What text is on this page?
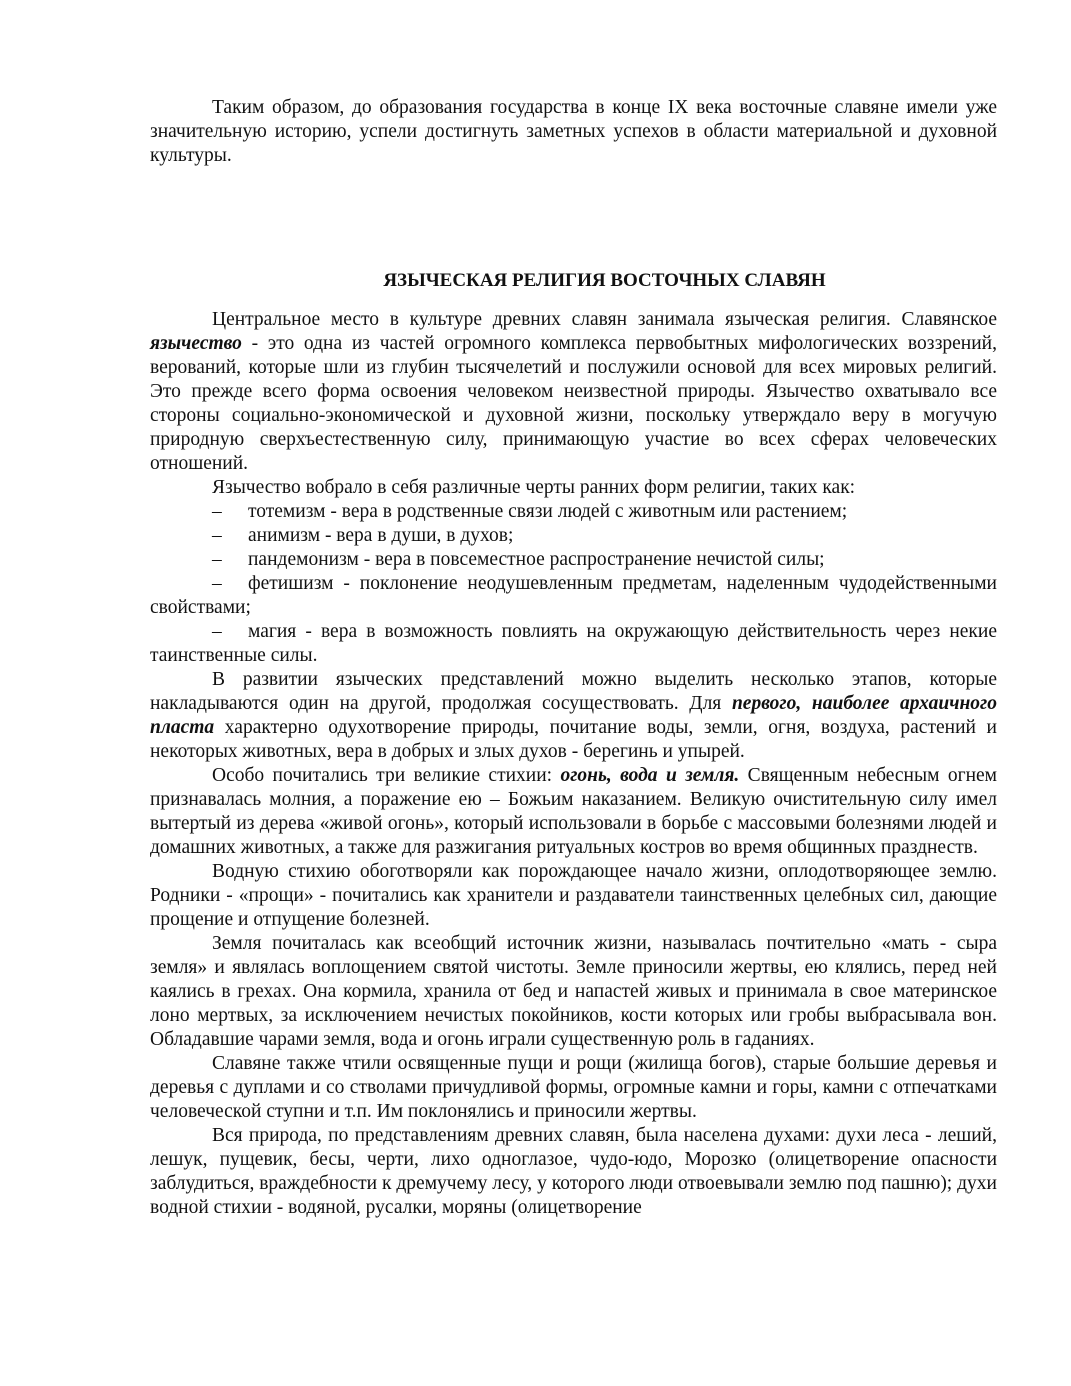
Таким образом, до образования государства в конце IX века восточные славяне имели уже значительную историю, успели достигнуть заметных успехов в области материальной и духовной культуры.

ЯЗЫЧЕСКАЯ РЕЛИГИЯ ВОСТОЧНЫХ СЛАВЯН

Центральное место в культуре древних славян занимала языческая религия. Славянское язычество - это одна из частей огромного комплекса первобытных мифологических воззрений, верований, которые шли из глубин тысячелетий и послужили основой для всех мировых религий. Это прежде всего форма освоения человеком неизвестной природы. Язычество охватывало все стороны социально-экономической и духовной жизни, поскольку утверждало веру в могучую природную сверхъестественную силу, принимающую участие во всех сферах человеческих отношений.

Язычество вобрало в себя различные черты ранних форм религии, таких как:

– тотемизм - вера в родственные связи людей с животным или растением;
– анимизм - вера в души, в духов;
– пандемонизм - вера в повсеместное распространение нечистой силы;
– фетишизм - поклонение неодушевленным предметам, наделенным чудодейственными свойствами;
– магия - вера в возможность повлиять на окружающую действительность через некие таинственные силы.

В развитии языческих представлений можно выделить несколько этапов, которые накладываются один на другой, продолжая сосуществовать. Для первого, наиболее архаичного пласта характерно одухотворение природы, почитание воды, земли, огня, воздуха, растений и некоторых животных, вера в добрых и злых духов - берегинь и упырей.

Особо почитались три великие стихии: огонь, вода и земля. Священным небесным огнем признавалась молния, а поражение ею – Божьим наказанием. Великую очистительную силу имел вытертый из дерева «живой огонь», который использовали в борьбе с массовыми болезнями людей и домашних животных, а также для разжигания ритуальных костров во время общинных празднеств.

Водную стихию обоготворяли как порождающее начало жизни, оплодотворяющее землю. Родники - «прощи» - почитались как хранители и раздаватели таинственных целебных сил, дающие прощение и отпущение болезней.

Земля почиталась как всеобщий источник жизни, называлась почтительно «мать - сыра земля» и являлась воплощением святой чистоты. Земле приносили жертвы, ею клялись, перед ней каялись в грехах. Она кормила, хранила от бед и напастей живых и принимала в свое материнское лоно мертвых, за исключением нечистых покойников, кости которых или гробы выбрасывала вон. Обладавшие чарами земля, вода и огонь играли существенную роль в гаданиях.

Славяне также чтили освященные пущи и рощи (жилища богов), старые большие деревья и деревья с дуплами и со стволами причудливой формы, огромные камни и горы, камни с отпечатками человеческой ступни и т.п. Им поклонялись и приносили жертвы.

Вся природа, по представлениям древних славян, была населена духами: духи леса - леший, лешук, пущевик, бесы, черти, лихо одноглазое, чудо-юдо, Морозко (олицетворение опасности заблудиться, враждебности к дремучему лесу, у которого люди отвоевывали землю под пашню); духи водной стихии - водяной, русалки, моряны (олицетворение
